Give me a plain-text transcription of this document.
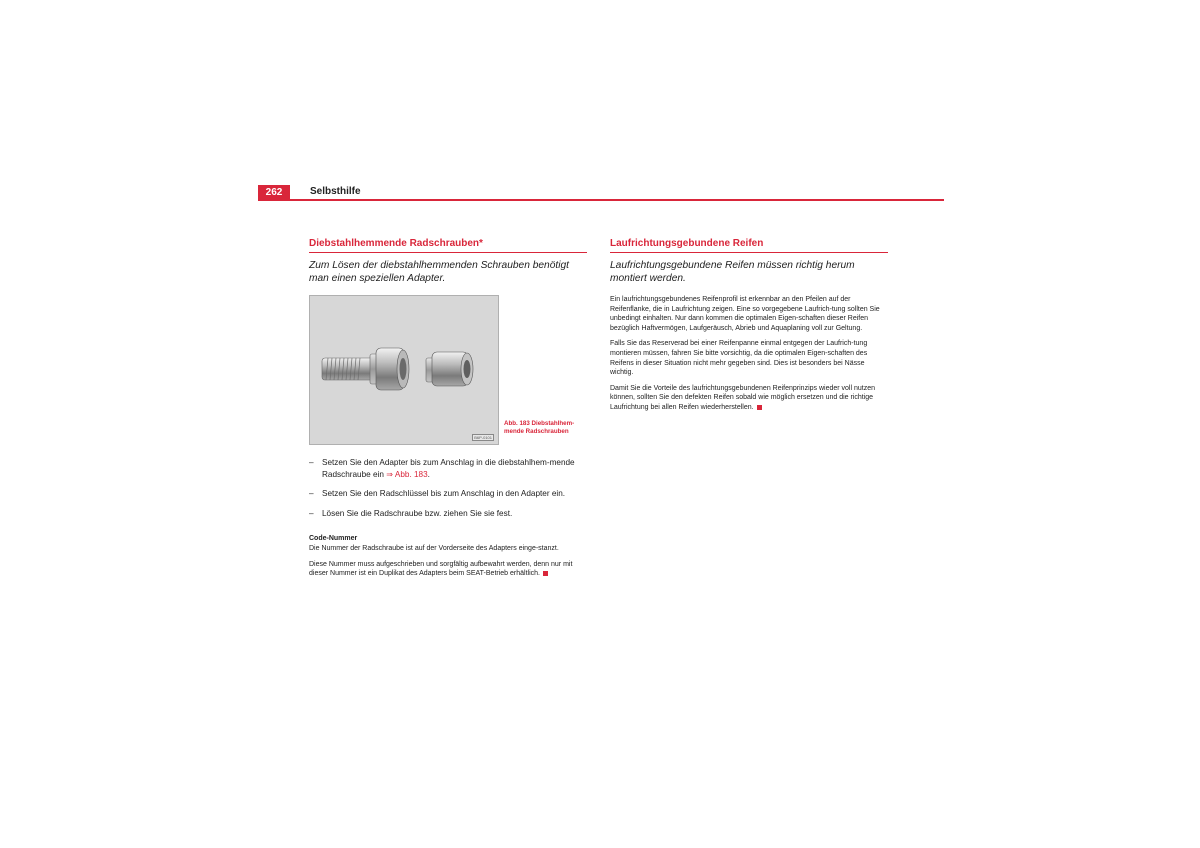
262	Selbsthilfe
Diebstahlhemmende Radschrauben*

Zum Lösen der diebstahlhemmenden Schrauben benötigt man einen speziellen Adapter.

B6P-0101
Abb. 183 Diebstahlhem-mende Radschrauben
–	Setzen Sie den Adapter bis zum Anschlag in die diebstahlhem-mende Radschraube ein ⇒ Abb. 183.
–	Setzen Sie den Radschlüssel bis zum Anschlag in den Adapter ein.
–	Lösen Sie die Radschraube bzw. ziehen Sie sie fest.
Code-Nummer

Die Nummer der Radschraube ist auf der Vorderseite des Adapters einge-stanzt.

Diese Nummer muss aufgeschrieben und sorgfältig aufbewahrt werden, denn nur mit dieser Nummer ist ein Duplikat des Adapters beim SEAT-Betrieb erhältlich.

Laufrichtungsgebundene Reifen

Laufrichtungsgebundene Reifen müssen richtig herum montiert werden.

Ein laufrichtungsgebundenes Reifenprofil ist erkennbar an den Pfeilen auf der Reifenflanke, die in Laufrichtung zeigen. Eine so vorgegebene Laufrich-tung sollten Sie unbedingt einhalten. Nur dann kommen die optimalen Eigen-schaften dieser Reifen bezüglich Haftvermögen, Laufgeräusch, Abrieb und Aquaplaning voll zur Geltung.

Falls Sie das Reserverad bei einer Reifenpanne einmal entgegen der Laufrich-tung montieren müssen, fahren Sie bitte vorsichtig, da die optimalen Eigen-schaften des Reifens in dieser Situation nicht mehr gegeben sind. Dies ist besonders bei Nässe wichtig.

Damit Sie die Vorteile des laufrichtungsgebundenen Reifenprinzips wieder voll nutzen können, sollten Sie den defekten Reifen sobald wie möglich ersetzen und die richtige Laufrichtung bei allen Reifen wiederherstellen.
